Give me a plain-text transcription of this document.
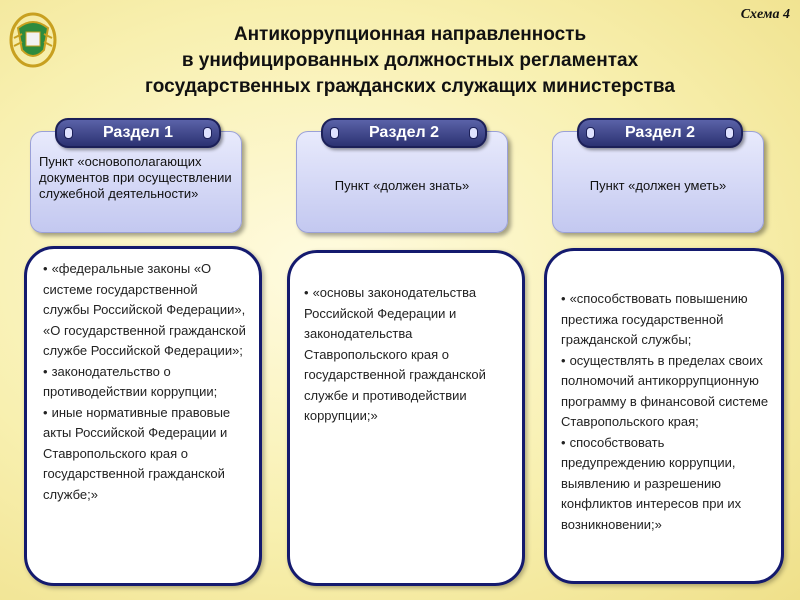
Схема 4
Антикоррупционная направленность
в унифицированных должностных регламентах
государственных гражданских служащих министерства
Раздел 1
Пункт «основополагающих документов при осуществлении служебной деятельности»
• «федеральные законы «О системе государственной службы Российской Федерации», «О государственной гражданской службе Российской Федерации»;
• законодательство о противодействии коррупции;
• иные нормативные правовые акты Российской Федерации и Ставропольского края о государственной гражданской службе;»
Раздел 2
Пункт «должен знать»
• «основы законодательства Российской Федерации и законодательства Ставропольского края о государственной гражданской службе и противодействии коррупции;»
Раздел 2
Пункт «должен уметь»
• «способствовать повышению престижа государственной гражданской службы;
• осуществлять в пределах своих полномочий антикоррупционную программу в финансовой системе Ставропольского края;
• способствовать предупреждению коррупции, выявлению и разрешению конфликтов интересов при их возникновении;»
